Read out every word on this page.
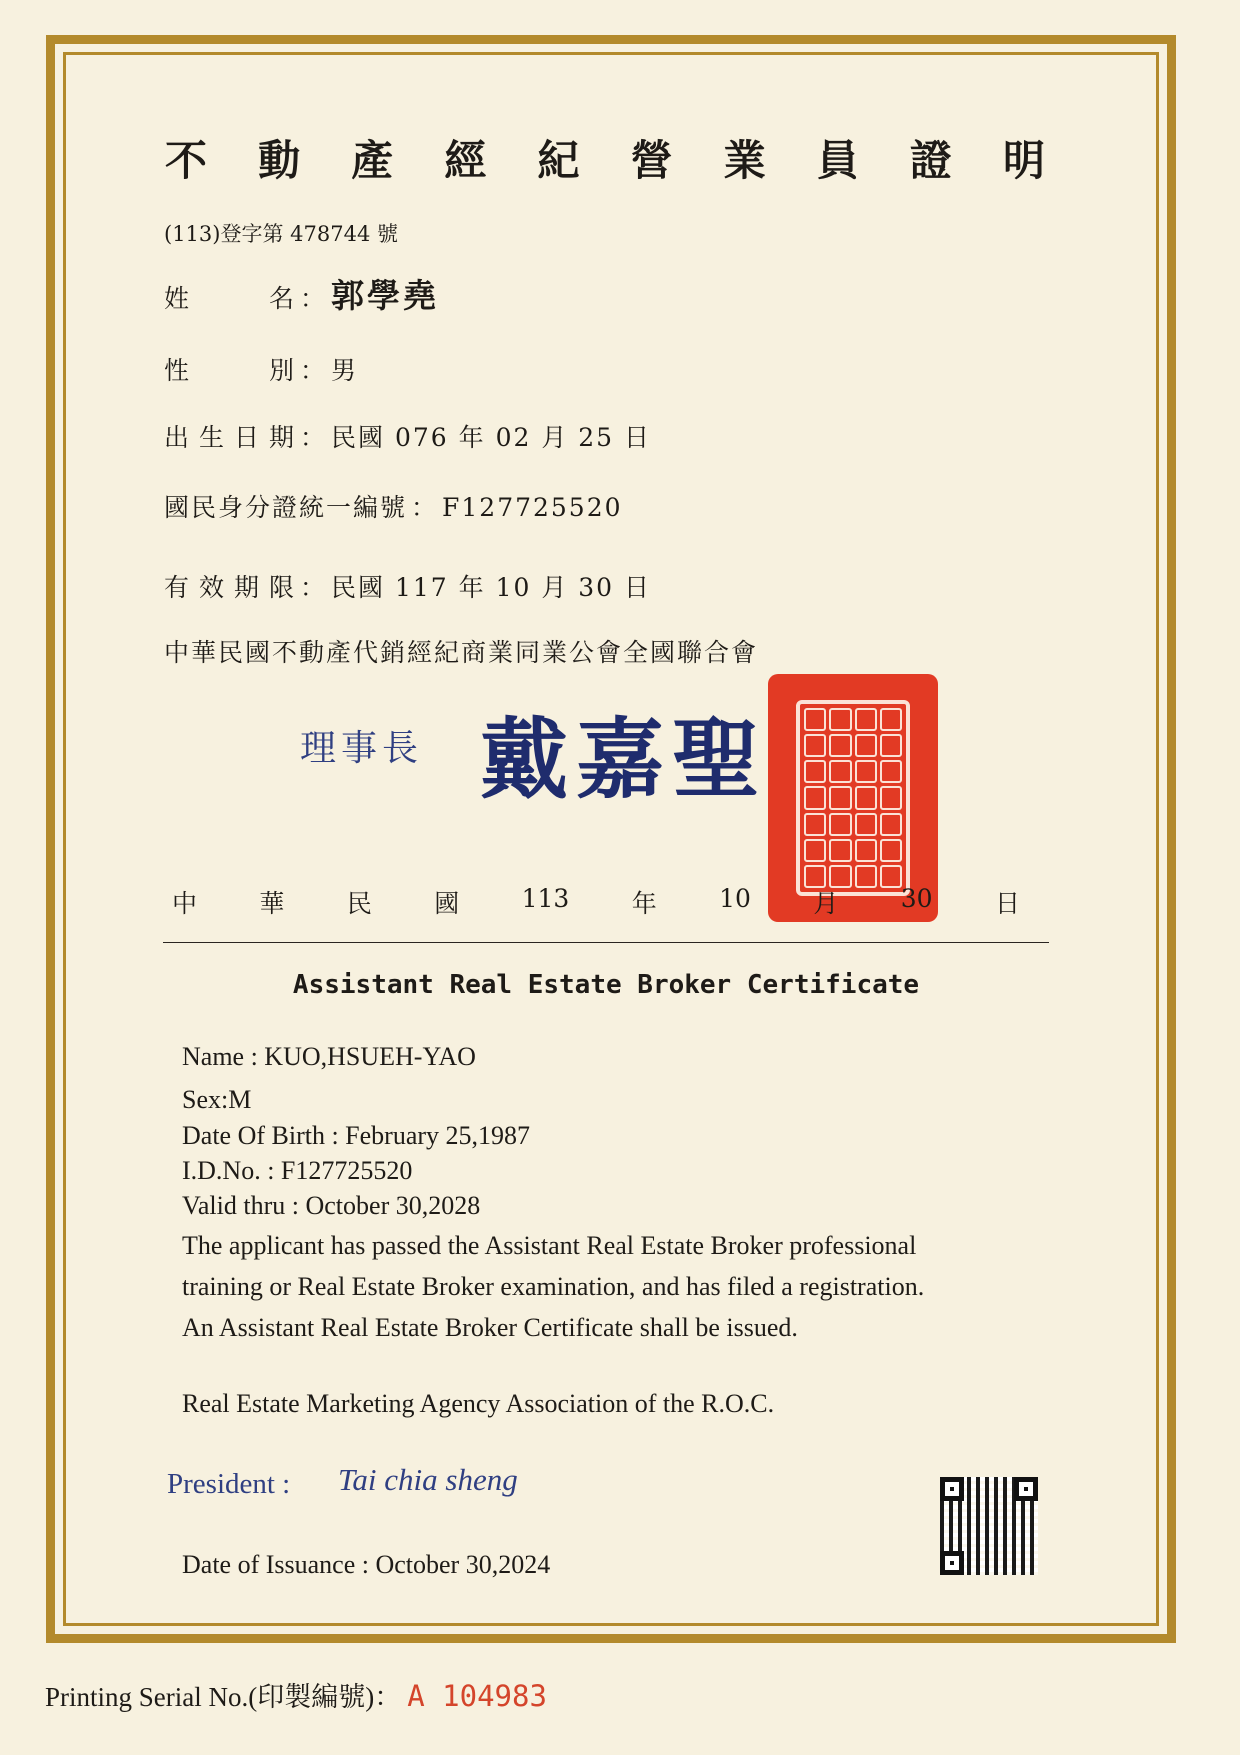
不 動 產 經 紀 營 業 員 證 明
(113)登字第 478744 號
姓名 ： 郭學堯
性別 ： 男
出生日期 ： 民國 076 年 02 月 25 日
國民身分證統一編號 ： F127725520
有效期限 ： 民國 117 年 10 月 30 日
中華民國不動產代銷經紀商業同業公會全國聯合會
理事長 戴嘉聖
中 華 民 國 113 年 10 月 30 日
Assistant Real Estate Broker Certificate
Name : KUO,HSUEH-YAO
Sex:M
Date Of Birth : February 25,1987
I.D.No. : F127725520
Valid thru : October 30,2028
The applicant has passed the Assistant Real Estate Broker professional
training or Real Estate Broker examination, and has filed a registration.
An Assistant Real Estate Broker Certificate shall be issued.
Real Estate Marketing Agency Association of the R.O.C.
President : Tai chia sheng
Date of Issuance : October 30,2024
Printing Serial No.(印製編號)： A 104983
